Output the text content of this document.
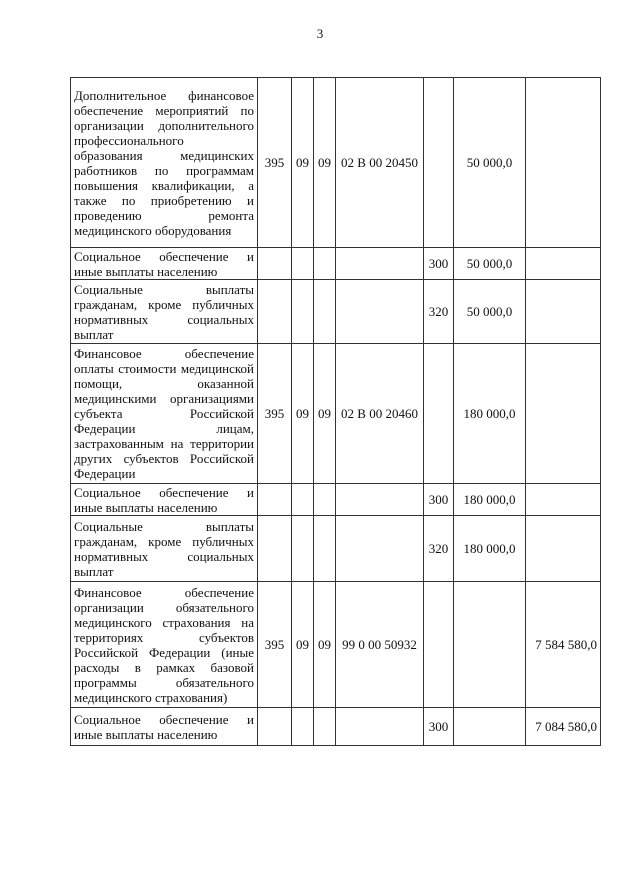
3
Дополнительное финансовое обеспечение мероприятий по организации дополнительного профессионального образования медицинских работников по программам повышения квалификации, а также по приобретению и проведению ремонта медицинского оборудования	395	09	09	02 В 00 20450		50 000,0	
Социальное обеспечение и иные выплаты населению					300	50 000,0	
Социальные выплаты гражданам, кроме публичных нормативных социальных выплат					320	50 000,0	
Финансовое обеспечение оплаты стоимости медицинской помощи, оказанной медицинскими организациями субъекта Российской Федерации лицам, застрахованным на территории других субъектов Российской Федерации	395	09	09	02 В 00 20460		180 000,0	
Социальное обеспечение и иные выплаты населению					300	180 000,0	
Социальные выплаты гражданам, кроме публичных нормативных социальных выплат					320	180 000,0	
Финансовое обеспечение организации обязательного медицинского страхования на территориях субъектов Российской Федерации (иные расходы в рамках базовой программы обязательного медицинского страхования)	395	09	09	99 0 00 50932			7 584 580,0
Социальное обеспечение и иные выплаты населению					300		7 084 580,0
